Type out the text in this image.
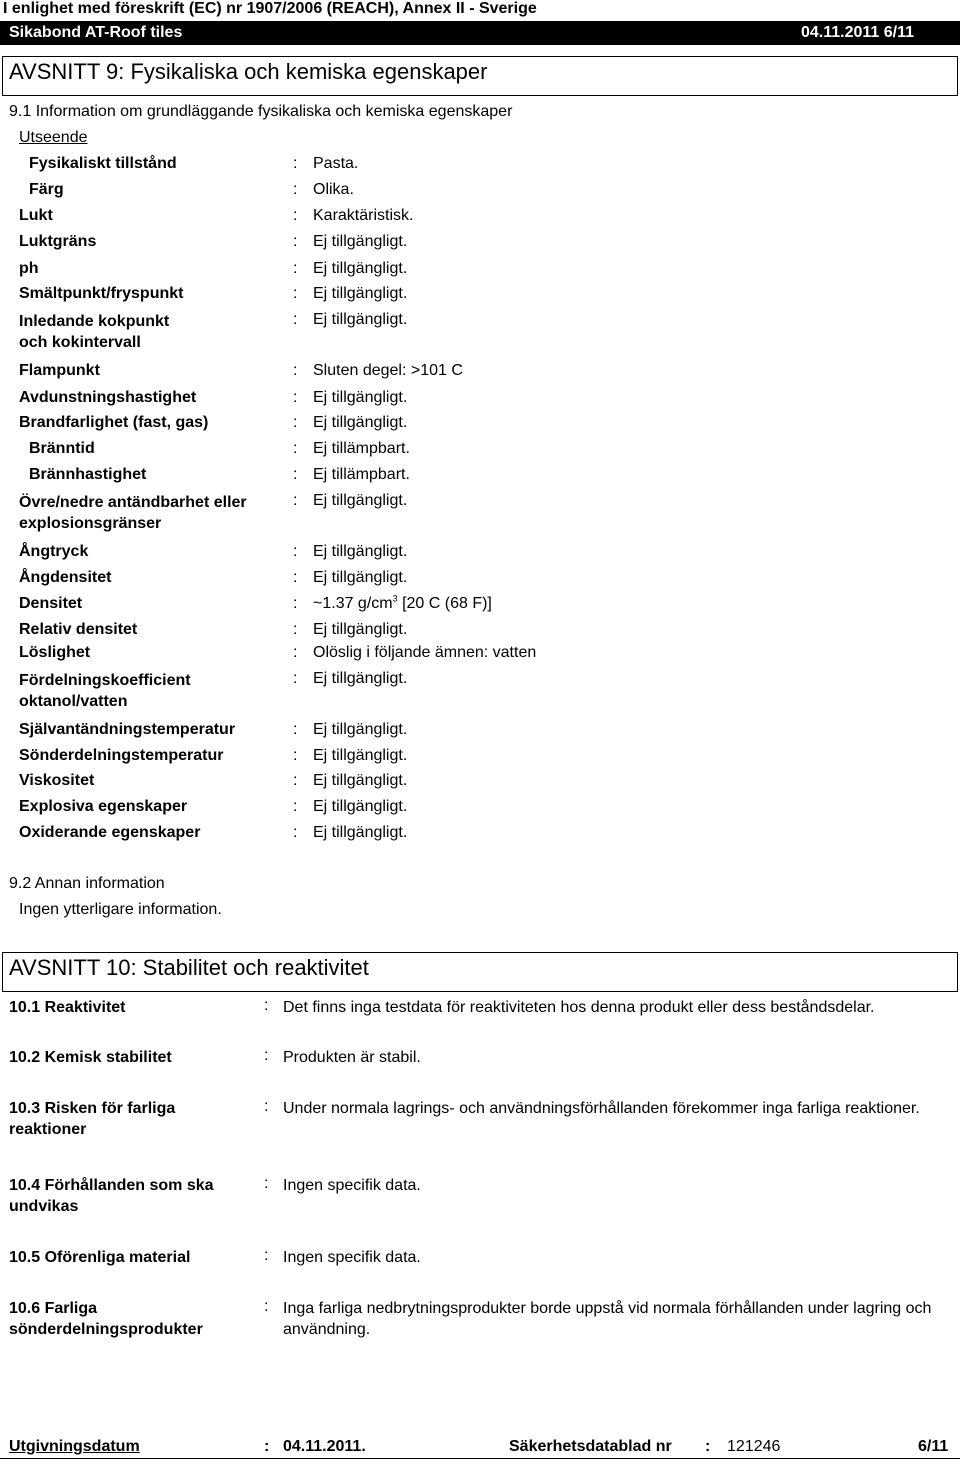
I enlighet med föreskrift (EC) nr 1907/2006 (REACH), Annex II - Sverige
Sikabond AT-Roof tiles	04.11.2011 6/11
AVSNITT 9: Fysikaliska och kemiska egenskaper
9.1 Information om grundläggande fysikaliska och kemiska egenskaper
Utseende
Fysikaliskt tillstånd	: Pasta.
Färg	: Olika.
Lukt	: Karaktäristisk.
Luktgräns	: Ej tillgängligt.
ph	: Ej tillgängligt.
Smältpunkt/fryspunkt	: Ej tillgängligt.
Inledande kokpunkt och kokintervall
: Ej tillgängligt.
Flampunkt	: Sluten degel: >101 C
Avdunstningshastighet	: Ej tillgängligt.
Brandfarlighet (fast, gas)	: Ej tillgängligt.
Bränntid	: Ej tillämpbart.
Brännhastighet	: Ej tillämpbart.
Övre/nedre antändbarhet eller explosionsgränser
: Ej tillgängligt.
Ångtryck	: Ej tillgängligt.
Ångdensitet	: Ej tillgängligt.
Densitet	: ~1.37 $g/cm^3$ [20 C (68 F)]
Relativ densitet	: Ej tillgängligt.
Löslighet	: Olöslig i följande ämnen: vatten
Fördelningskoefficient oktanol/vatten
: Ej tillgängligt.
Självantändningstemperatur	: Ej tillgängligt.
Sönderdelningstemperatur	: Ej tillgängligt.
Viskositet	: Ej tillgängligt.
Explosiva egenskaper	: Ej tillgängligt.
Oxiderande egenskaper	: Ej tillgängligt.
9.2 Annan information
Ingen ytterligare information.
AVSNITT 10: Stabilitet och reaktivitet
10.1 Reaktivitet	: Det finns inga testdata för reaktiviteten hos denna produkt eller dess beståndsdelar.
10.2 Kemisk stabilitet	: Produkten är stabil.
10.3 Risken för farliga reaktioner
: Under normala lagrings- och användningsförhållanden förekommer inga farliga reaktioner.
10.4 Förhållanden som ska undvikas
: Ingen specifik data.
10.5 Oförenliga material	: Ingen specifik data.
10.6 Farliga sönderdelningsprodukter
: Inga farliga nedbrytningsprodukter borde uppstå vid normala förhållanden under lagring och användning.
Utgivningsdatum	: 04.11.2011.	Säkerhetsdatablad nr : 121246	6/11
